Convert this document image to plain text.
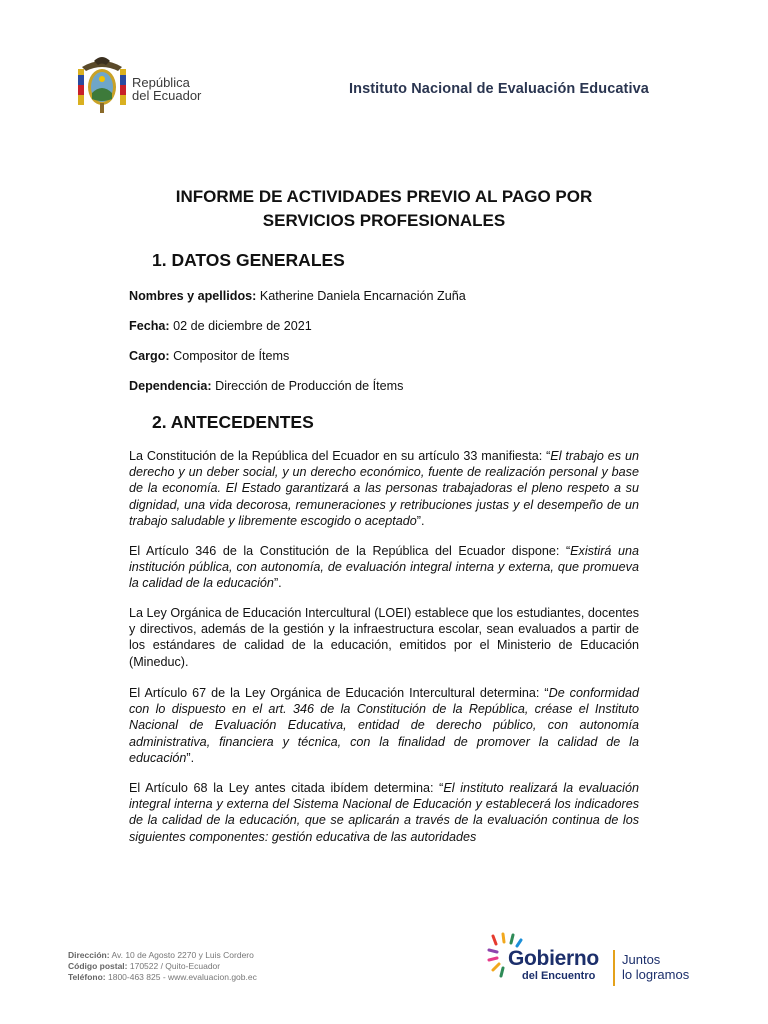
República
del Ecuador	Instituto Nacional de Evaluación Educativa
INFORME DE ACTIVIDADES PREVIO AL PAGO POR
SERVICIOS PROFESIONALES
1. DATOS GENERALES
Nombres y apellidos: Katherine Daniela Encarnación Zuña
Fecha: 02 de diciembre de 2021
Cargo: Compositor de Ítems
Dependencia: Dirección de Producción de Ítems
2. ANTECEDENTES
La Constitución de la República del Ecuador en su artículo 33 manifiesta: “El trabajo es un derecho y un deber social, y un derecho económico, fuente de realización personal y base de la economía. El Estado garantizará a las personas trabajadoras el pleno respeto a su dignidad, una vida decorosa, remuneraciones y retribuciones justas y el desempeño de un trabajo saludable y libremente escogido o aceptado”.
El Artículo 346 de la Constitución de la República del Ecuador dispone: “Existirá una institución pública, con autonomía, de evaluación integral interna y externa, que promueva la calidad de la educación”.
La Ley Orgánica de Educación Intercultural (LOEI) establece que los estudiantes, docentes y directivos, además de la gestión y la infraestructura escolar, sean evaluados a partir de los estándares de calidad de la educación, emitidos por el Ministerio de Educación (Mineduc).
El Artículo 67 de la Ley Orgánica de Educación Intercultural determina: “De conformidad con lo dispuesto en el art. 346 de la Constitución de la República, créase el Instituto Nacional de Evaluación Educativa, entidad de derecho público, con autonomía administrativa, financiera y técnica, con la finalidad de promover la calidad de la educación”.
El Artículo 68 la Ley antes citada ibídem determina: “El instituto realizará la evaluación integral interna y externa del Sistema Nacional de Educación y establecerá los indicadores de la calidad de la educación, que se aplicarán a través de la evaluación continua de los siguientes componentes: gestión educativa de las autoridades
Dirección: Av. 10 de Agosto 2270 y Luis Cordero
Código postal: 170522 / Quito-Ecuador
Teléfono: 1800-463 825 - www.evaluacion.gob.ec
Gobierno
del Encuentro
Juntos
lo logramos
